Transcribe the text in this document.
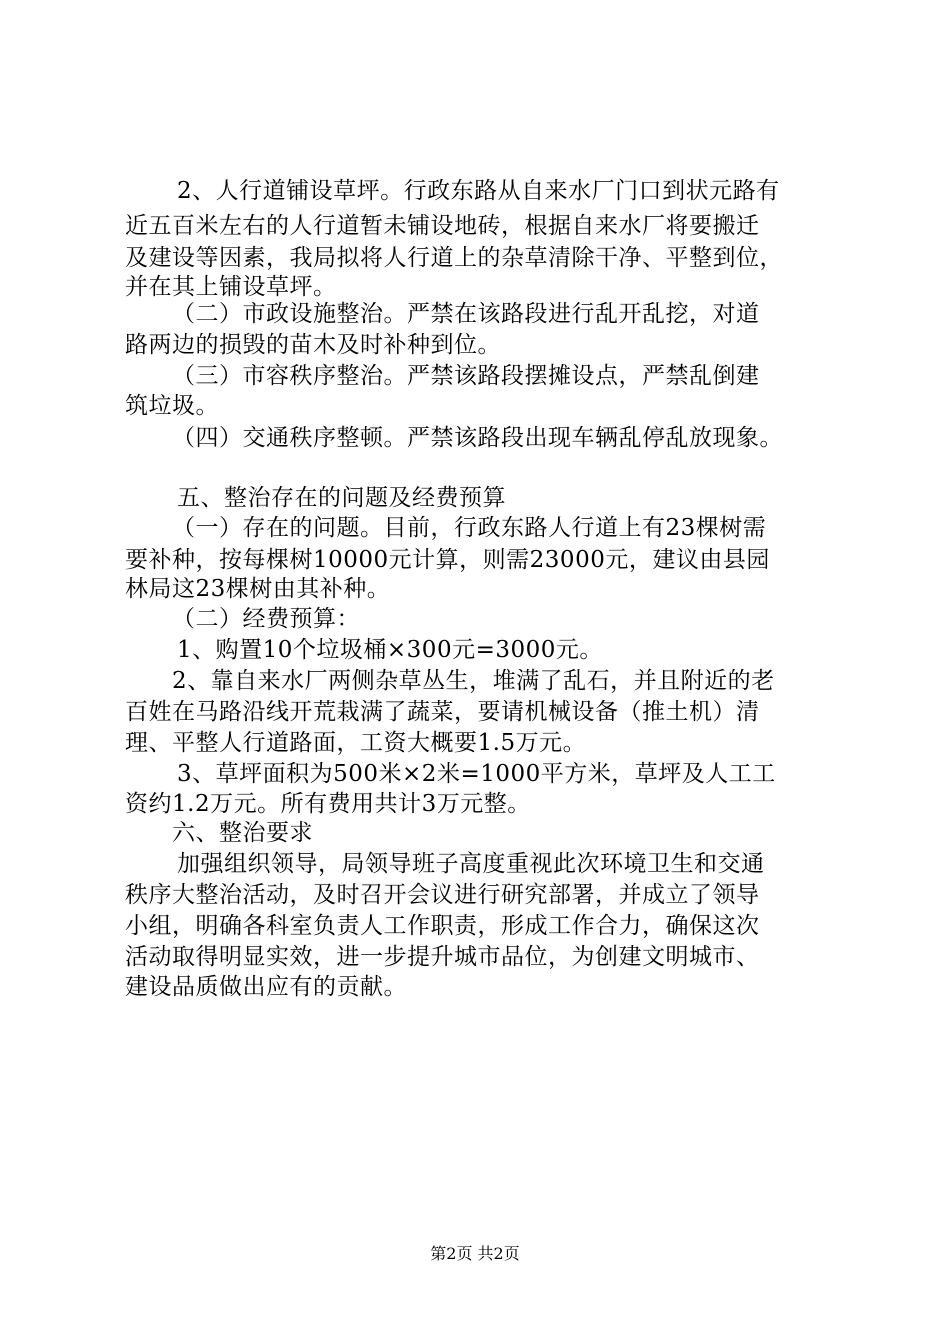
2、人行道铺设草坪。行政东路从自来水厂门口到状元路有
近五百米左右的人行道暂未铺设地砖，根据自来水厂将要搬迁
及建设等因素，我局拟将人行道上的杂草清除干净、平整到位，
并在其上铺设草坪。
（二）市政设施整治。严禁在该路段进行乱开乱挖，对道
路两边的损毁的苗木及时补种到位。
（三）市容秩序整治。严禁该路段摆摊设点，严禁乱倒建
筑垃圾。
（四）交通秩序整顿。严禁该路段出现车辆乱停乱放现象。
五、整治存在的问题及经费预算
（一）存在的问题。目前，行政东路人行道上有23棵树需
要补种，按每棵树10000元计算，则需23000元，建议由县园
林局这23棵树由其补种。
（二）经费预算：
1、购置10个垃圾桶×300元=3000元。
2、靠自来水厂两侧杂草丛生，堆满了乱石，并且附近的老
百姓在马路沿线开荒栽满了蔬菜，要请机械设备（推土机）清
理、平整人行道路面，工资大概要1.5万元。
3、草坪面积为500米×2米=1000平方米，草坪及人工工
资约1.2万元。所有费用共计3万元整。
六、整治要求
加强组织领导，局领导班子高度重视此次环境卫生和交通
秩序大整治活动，及时召开会议进行研究部署，并成立了领导
小组，明确各科室负责人工作职责，形成工作合力，确保这次
活动取得明显实效，进一步提升城市品位，为创建文明城市、
建设品质做出应有的贡献。
第2页 共2页
